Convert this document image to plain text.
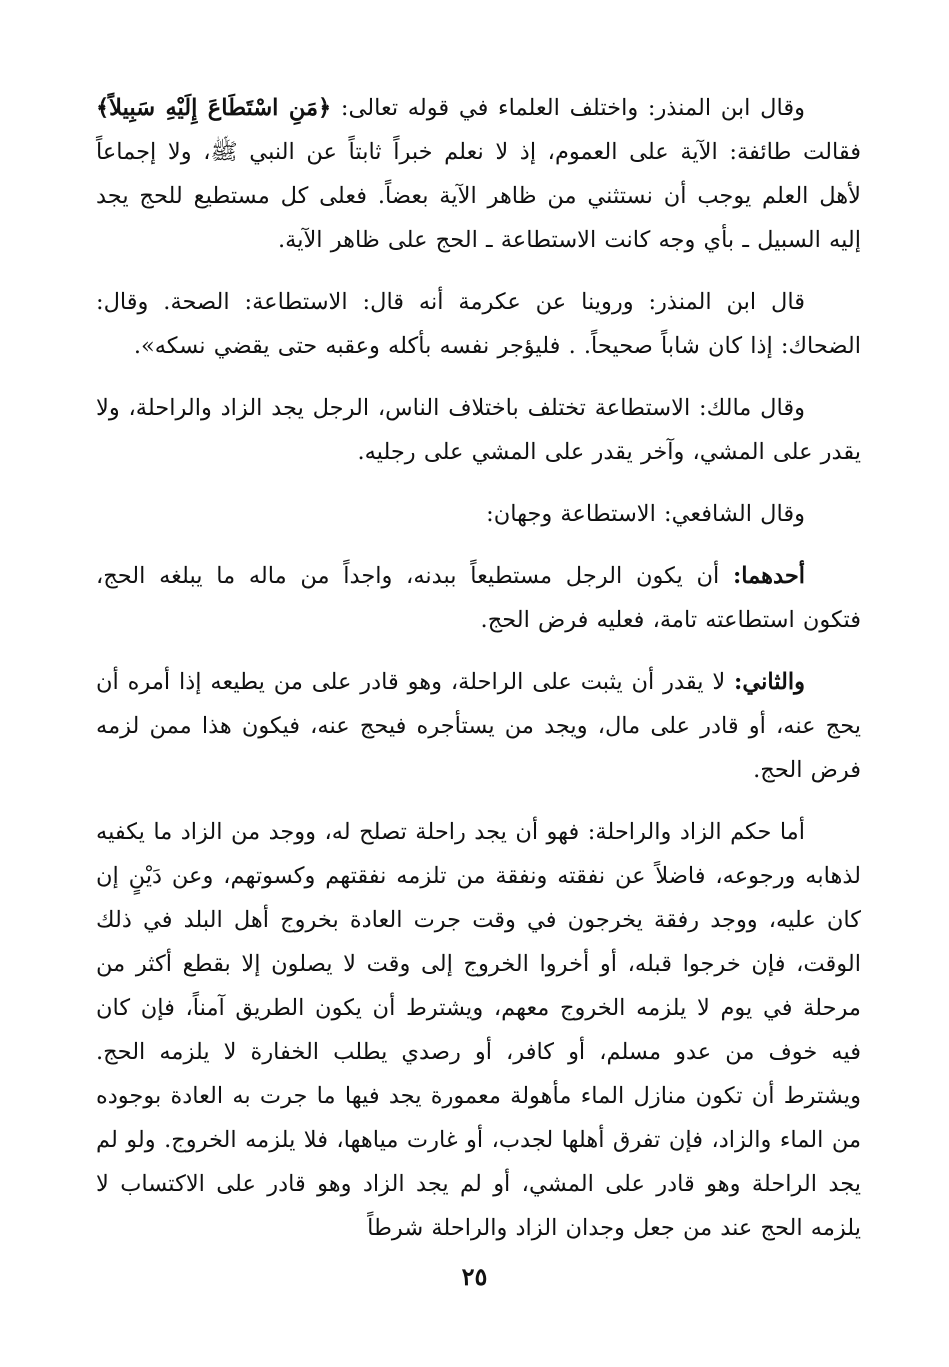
وقال ابن المنذر: واختلف العلماء في قوله تعالى: ﴿مَنِ اسْتَطَاعَ إِلَيْهِ سَبِيلاً﴾ فقالت طائفة: الآية على العموم، إذ لا نعلم خبراً ثابتاً عن النبي ﷺ، ولا إجماعاً لأهل العلم يوجب أن نستثني من ظاهر الآية بعضاً. فعلى كل مستطيع للحج يجد إليه السبيل ـ بأي وجه كانت الاستطاعة ـ الحج على ظاهر الآية.

قال ابن المنذر: وروينا عن عكرمة أنه قال: الاستطاعة: الصحة. وقال: الضحاك: إذا كان شاباً صحيحاً. . فليؤجر نفسه بأكله وعقبه حتى يقضي نسكه».

وقال مالك: الاستطاعة تختلف باختلاف الناس، الرجل يجد الزاد والراحلة، ولا يقدر على المشي، وآخر يقدر على المشي على رجليه.

وقال الشافعي: الاستطاعة وجهان:

أحدهما: أن يكون الرجل مستطيعاً ببدنه، واجداً من ماله ما يبلغه الحج، فتكون استطاعته تامة، فعليه فرض الحج.

والثاني: لا يقدر أن يثبت على الراحلة، وهو قادر على من يطيعه إذا أمره أن يحج عنه، أو قادر على مال، ويجد من يستأجره فيحج عنه، فيكون هذا ممن لزمه فرض الحج.

أما حكم الزاد والراحلة: فهو أن يجد راحلة تصلح له، ووجد من الزاد ما يكفيه لذهابه ورجوعه، فاضلاً عن نفقته ونفقة من تلزمه نفقتهم وكسوتهم، وعن دَيْنٍ إن كان عليه، ووجد رفقة يخرجون في وقت جرت العادة بخروج أهل البلد في ذلك الوقت، فإن خرجوا قبله، أو أخروا الخروج إلى وقت لا يصلون إلا بقطع أكثر من مرحلة في يوم لا يلزمه الخروج معهم، ويشترط أن يكون الطريق آمناً، فإن كان فيه خوف من عدو مسلم، أو كافر، أو رصدي يطلب الخفارة لا يلزمه الحج. ويشترط أن تكون منازل الماء مأهولة معمورة يجد فيها ما جرت به العادة بوجوده من الماء والزاد، فإن تفرق أهلها لجدب، أو غارت مياهها، فلا يلزمه الخروج. ولو لم يجد الراحلة وهو قادر على المشي، أو لم يجد الزاد وهو قادر على الاكتساب لا يلزمه الحج عند من جعل وجدان الزاد والراحلة شرطاً

٢٥
